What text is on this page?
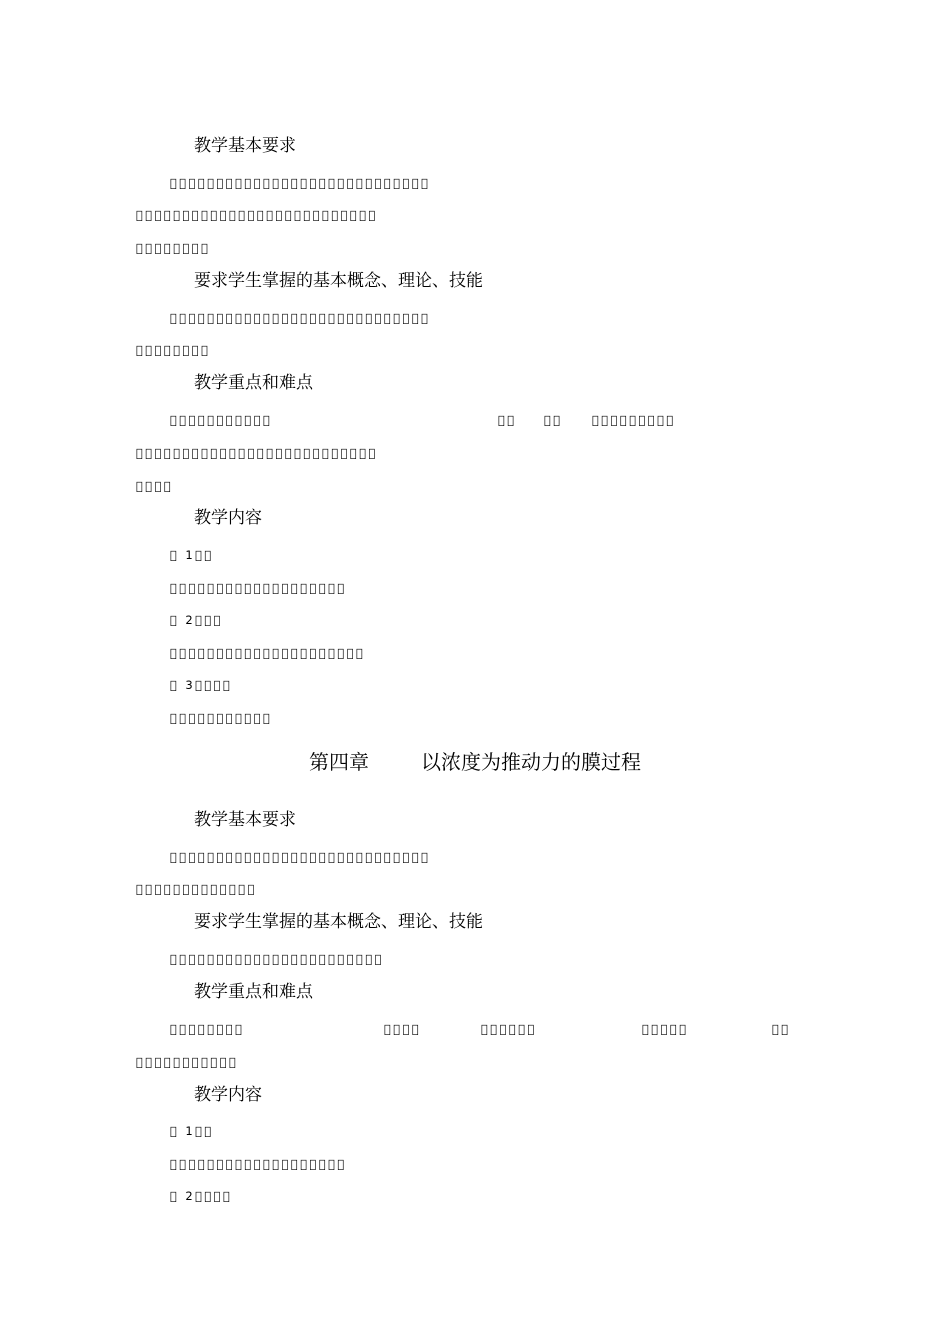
教学基本要求
􀀀􀀀􀀀􀀀􀀀􀀀􀀀􀀀􀀀􀀀􀀀􀀀􀀀􀀀􀀀􀀀􀀀􀀀􀀀􀀀􀀀􀀀􀀀􀀀􀀀􀀀􀀀􀀀
􀀀􀀀􀀀􀀀􀀀􀀀􀀀􀀀􀀀􀀀􀀀􀀀􀀀􀀀􀀀􀀀􀀀􀀀􀀀􀀀􀀀􀀀􀀀􀀀􀀀􀀀
􀀀􀀀􀀀􀀀􀀀􀀀􀀀􀀀
要求学生掌握的基本概念、理论、技能
􀀀􀀀􀀀􀀀􀀀􀀀􀀀􀀀􀀀􀀀􀀀􀀀􀀀􀀀􀀀􀀀􀀀􀀀􀀀􀀀􀀀􀀀􀀀􀀀􀀀􀀀􀀀􀀀
􀀀􀀀􀀀􀀀􀀀􀀀􀀀􀀀
教学重点和难点
􀀀􀀀􀀀􀀀􀀀􀀀􀀀􀀀􀀀􀀀􀀀	􀀀􀀀 􀀀􀀀	􀀀􀀀􀀀􀀀􀀀􀀀􀀀􀀀􀀀
􀀀􀀀􀀀􀀀􀀀􀀀􀀀􀀀􀀀􀀀􀀀􀀀􀀀􀀀􀀀􀀀􀀀􀀀􀀀􀀀􀀀􀀀􀀀􀀀􀀀􀀀
􀀀􀀀􀀀􀀀
教学内容
􀀀 1􀀀􀀀
􀀀􀀀􀀀􀀀􀀀􀀀􀀀􀀀􀀀􀀀􀀀􀀀􀀀􀀀􀀀􀀀􀀀􀀀􀀀
􀀀 2􀀀􀀀􀀀
􀀀􀀀􀀀􀀀􀀀􀀀􀀀􀀀􀀀􀀀􀀀􀀀􀀀􀀀􀀀􀀀􀀀􀀀􀀀􀀀􀀀
􀀀 3􀀀􀀀􀀀􀀀
􀀀􀀀􀀀􀀀􀀀􀀀􀀀􀀀􀀀􀀀􀀀
第四章	以浓度为推动力的膜过程
教学基本要求
􀀀􀀀􀀀􀀀􀀀􀀀􀀀􀀀􀀀􀀀􀀀􀀀􀀀􀀀􀀀􀀀􀀀􀀀􀀀􀀀􀀀􀀀􀀀􀀀􀀀􀀀􀀀􀀀
􀀀􀀀􀀀􀀀􀀀􀀀􀀀􀀀􀀀􀀀􀀀􀀀􀀀
要求学生掌握的基本概念、理论、技能
􀀀􀀀􀀀􀀀􀀀􀀀􀀀􀀀􀀀􀀀􀀀􀀀􀀀􀀀􀀀􀀀􀀀􀀀􀀀􀀀􀀀􀀀􀀀
教学重点和难点
􀀀􀀀􀀀􀀀􀀀􀀀􀀀􀀀	􀀀􀀀􀀀􀀀	􀀀􀀀􀀀􀀀􀀀􀀀	􀀀􀀀􀀀􀀀􀀀	􀀀􀀀
􀀀􀀀􀀀􀀀􀀀􀀀􀀀􀀀􀀀􀀀􀀀
教学内容
􀀀 1􀀀􀀀
􀀀􀀀􀀀􀀀􀀀􀀀􀀀􀀀􀀀􀀀􀀀􀀀􀀀􀀀􀀀􀀀􀀀􀀀􀀀
􀀀 2􀀀􀀀􀀀􀀀
